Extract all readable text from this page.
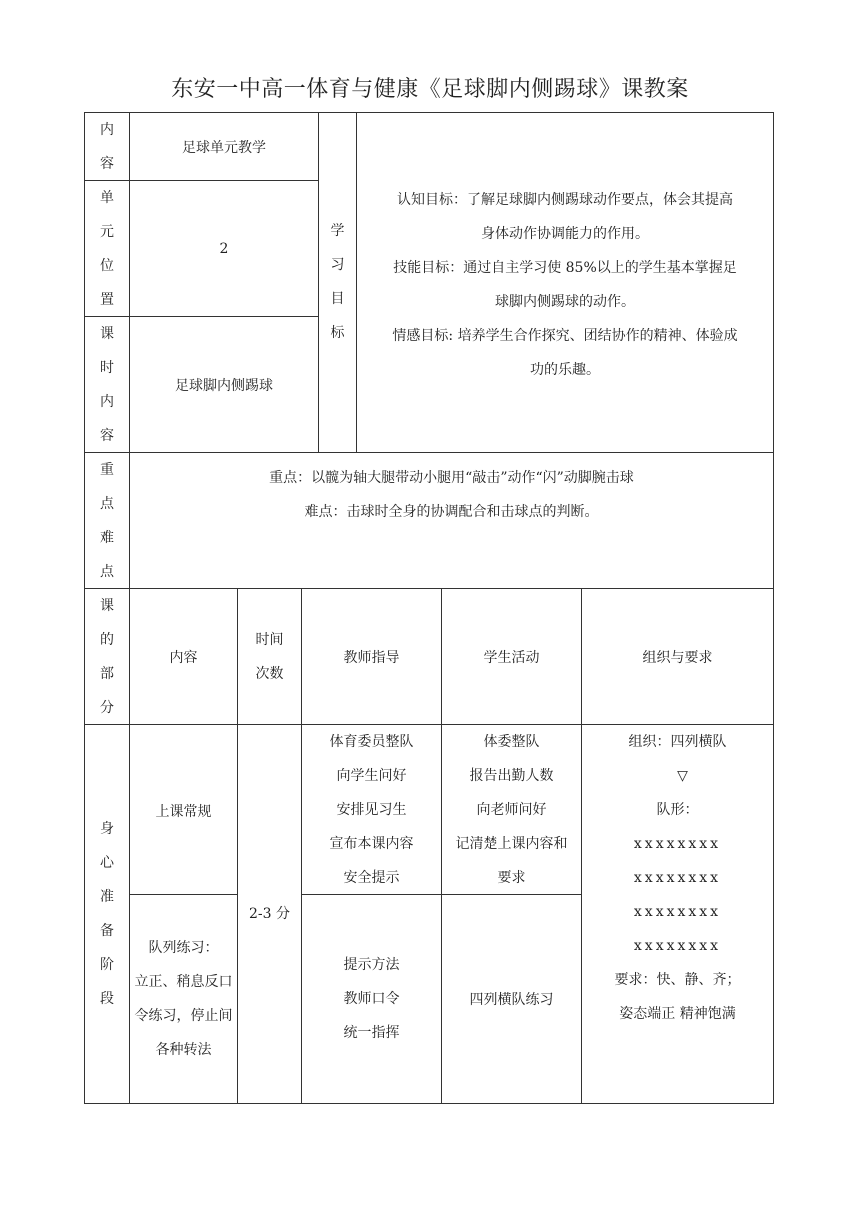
东安一中高一体育与健康《足球脚内侧踢球》课教案
内
容
足球单元教学
单
元
位
置
2
课
时
内
容
足球脚内侧踢球
学
习
目
标
认知目标：了解足球脚内侧踢球动作要点，体会其提高
身体动作协调能力的作用。
技能目标：通过自主学习使 85%以上的学生基本掌握足
球脚内侧踢球的动作。
情感目标: 培养学生合作探究、团结协作的精神、体验成
功的乐趣。
重
点
难
点
重点：以髋为轴大腿带动小腿用“敲击”动作“闪”动脚腕击球
难点：击球时全身的协调配合和击球点的判断。
课
的
部
分
内容
时间
次数
教师指导	学生活动	组织与要求
身
心
准
备
阶
段
上课常规
2-3 分
体育委员整队
向学生问好
安排见习生
宣布本课内容
安全提示
体委整队
报告出勤人数
向老师问好
记清楚上课内容和
要求
组织：四列横队
▽
队形：
xxxxxxxx
xxxxxxxx
xxxxxxxx
xxxxxxxx
要求：快、静、齐；
姿态端正 精神饱满
队列练习：
立正、稍息反口
令练习，停止间
各种转法
提示方法
教师口令
统一指挥
四列横队练习
